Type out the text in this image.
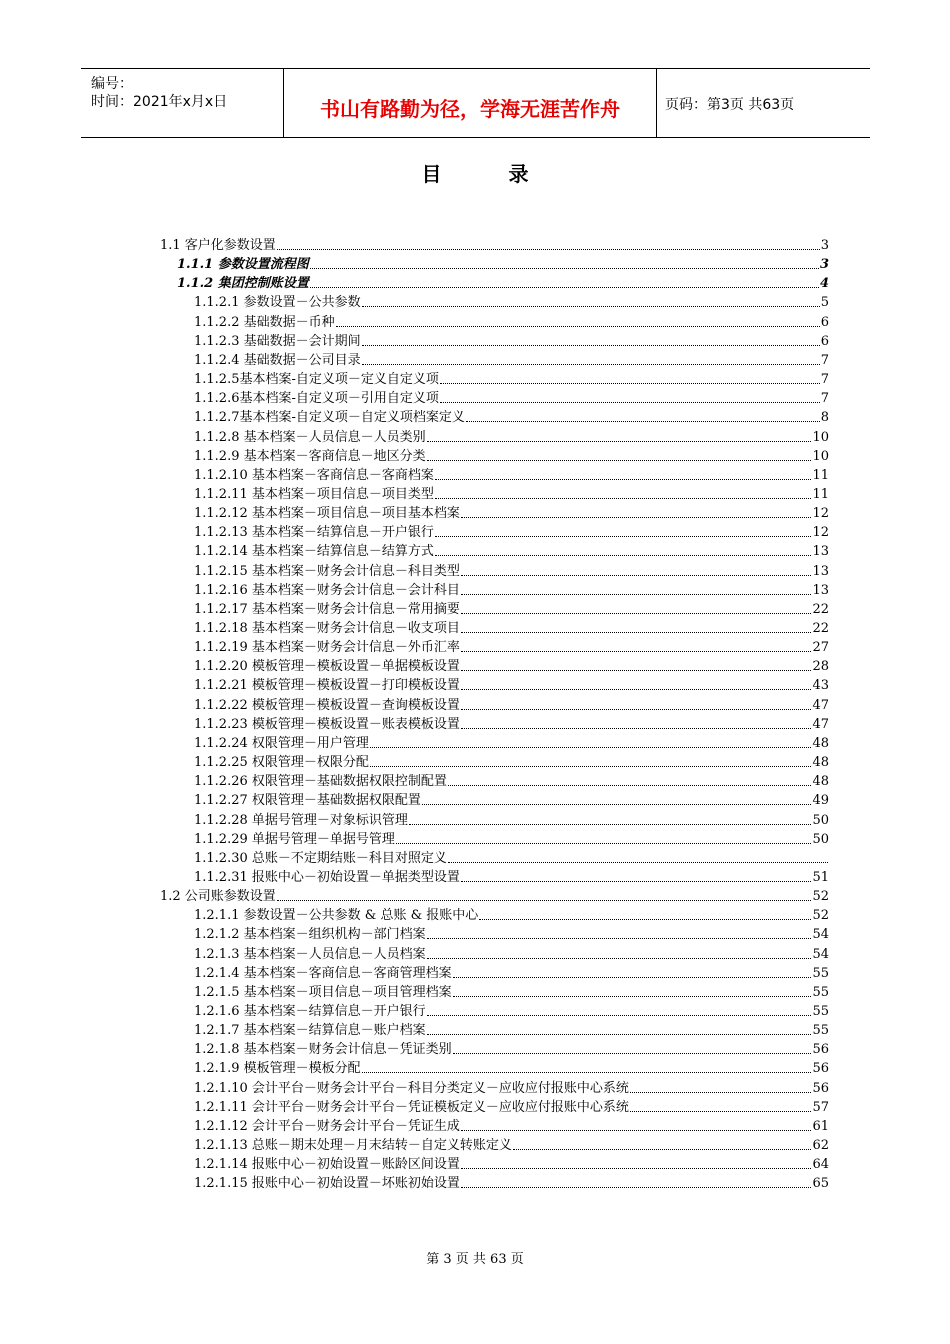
编号：
时间：2021年x月x日	书山有路勤为径，学海无涯苦作舟	页码：第3页 共63页
目 录
1.1 客户化参数设置	3
1.1.1 参数设置流程图	3
1.1.2 集团控制账设置	4
1.1.2.1 参数设置－公共参数	5
1.1.2.2 基础数据－币种	6
1.1.2.3 基础数据－会计期间	6
1.1.2.4 基础数据－公司目录	7
1.1.2.5基本档案-自定义项－定义自定义项	7
1.1.2.6基本档案-自定义项－引用自定义项	7
1.1.2.7基本档案-自定义项－自定义项档案定义	8
1.1.2.8 基本档案－人员信息－人员类别	10
1.1.2.9 基本档案－客商信息－地区分类	10
1.1.2.10 基本档案－客商信息－客商档案	11
1.1.2.11 基本档案－项目信息－项目类型	11
1.1.2.12 基本档案－项目信息－项目基本档案	12
1.1.2.13 基本档案－结算信息－开户银行	12
1.1.2.14 基本档案－结算信息－结算方式	13
1.1.2.15 基本档案－财务会计信息－科目类型	13
1.1.2.16 基本档案－财务会计信息－会计科目	13
1.1.2.17 基本档案－财务会计信息－常用摘要	22
1.1.2.18 基本档案－财务会计信息－收支项目	22
1.1.2.19 基本档案－财务会计信息－外币汇率	27
1.1.2.20 模板管理－模板设置－单据模板设置	28
1.1.2.21 模板管理－模板设置－打印模板设置	43
1.1.2.22 模板管理－模板设置－查询模板设置	47
1.1.2.23 模板管理－模板设置－账表模板设置	47
1.1.2.24 权限管理－用户管理	48
1.1.2.25 权限管理－权限分配	48
1.1.2.26 权限管理－基础数据权限控制配置	48
1.1.2.27 权限管理－基础数据权限配置	49
1.1.2.28 单据号管理－对象标识管理	50
1.1.2.29 单据号管理－单据号管理	50
1.1.2.30 总账－不定期结账－科目对照定义
1.1.2.31 报账中心－初始设置－单据类型设置	51
1.2 公司账参数设置	52
1.2.1.1 参数设置－公共参数 & 总账 & 报账中心	52
1.2.1.2 基本档案－组织机构－部门档案	54
1.2.1.3 基本档案－人员信息－人员档案	54
1.2.1.4 基本档案－客商信息－客商管理档案	55
1.2.1.5 基本档案－项目信息－项目管理档案	55
1.2.1.6 基本档案－结算信息－开户银行	55
1.2.1.7 基本档案－结算信息－账户档案	55
1.2.1.8 基本档案－财务会计信息－凭证类别	56
1.2.1.9 模板管理－模板分配	56
1.2.1.10 会计平台－财务会计平台－科目分类定义－应收应付报账中心系统	56
1.2.1.11 会计平台－财务会计平台－凭证模板定义－应收应付报账中心系统	57
1.2.1.12 会计平台－财务会计平台－凭证生成	61
1.2.1.13 总账－期末处理－月末结转－自定义转账定义	62
1.2.1.14 报账中心－初始设置－账龄区间设置	64
1.2.1.15 报账中心－初始设置－坏账初始设置	65
第 3 页 共 63 页
